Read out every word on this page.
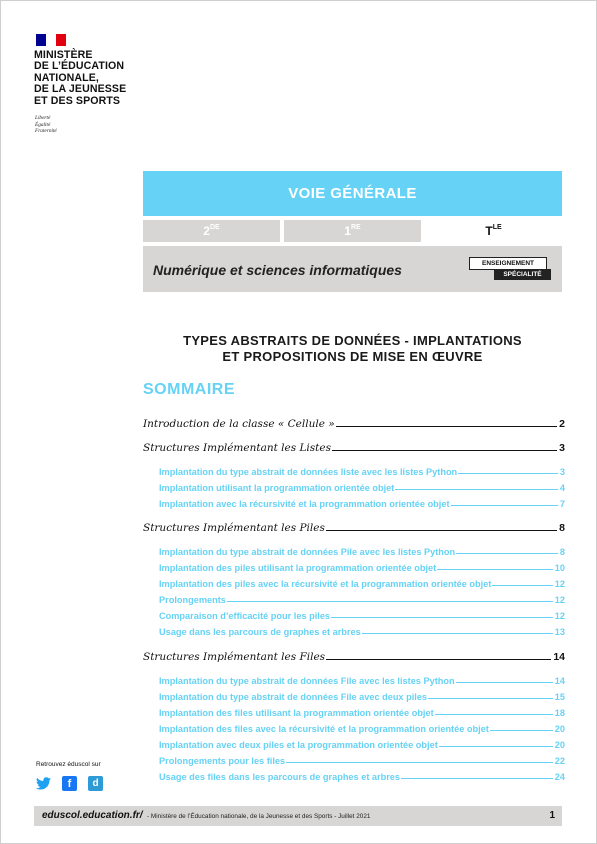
MINISTÈRE
DE L’ÉDUCATION
NATIONALE,
DE LA JEUNESSE
ET DES SPORTS
Liberté
Égalité
Fraternité
VOIE GÉNÉRALE
2DE	1RE	$T^{LE}$
Numérique et sciences informatiques	ENSEIGNEMENT
SPÉCIALITÉ
TYPES ABSTRAITS DE DONNÉES - IMPLANTATIONS
ET PROPOSITIONS DE MISE EN ŒUVRE
SOMMAIRE
Introduction de la classe « Cellule »	2
Structures Implémentant les Listes	3
Implantation du type abstrait de données liste avec les listes Python	3
Implantation utilisant la programmation orientée objet	4
Implantation avec la récursivité et la programmation orientée objet	7
Structures Implémentant les Piles	8
Implantation du type abstrait de données Pile avec les listes Python	8
Implantation des piles utilisant la programmation orientée objet	10
Implantation des piles avec la récursivité et la programmation orientée objet	12
Prolongements	12
Comparaison d’efficacité pour les piles	12
Usage dans les parcours de graphes et arbres	13
Structures Implémentant les Files	14
Implantation du type abstrait de données File avec les listes Python	14
Implantation du type abstrait de données File avec deux piles	15
Implantation des files utilisant la programmation orientée objet	18
Implantation des files avec la récursivité et la programmation orientée objet	20
Implantation avec deux piles et la programmation orientée objet	20
Prolongements pour les files	22
Usage des files dans les parcours de graphes et arbres	24
Retrouvez éduscol sur
f	d
eduscol.education.fr/ - Ministère de l’Éducation nationale, de la Jeunesse et des Sports - Juillet 2021	1
